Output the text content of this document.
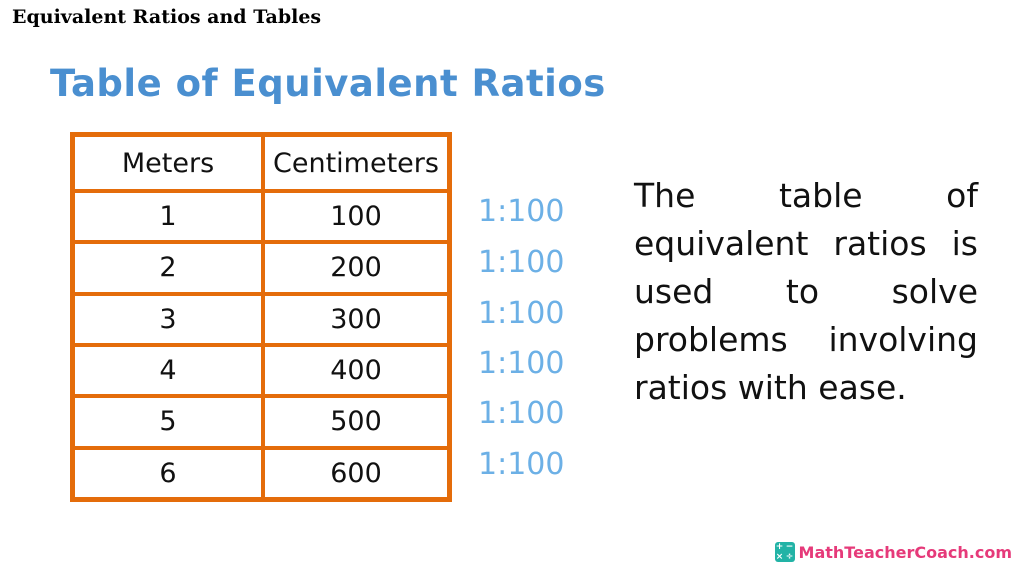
Equivalent Ratios and Tables
Table of Equivalent Ratios
Meters	Centimeters
1	100
2	200
3	300
4	400
5	500
6	600
1:100
1:100
1:100
1:100
1:100
1:100
The table of equivalent ratios is used to solve problems involving ratios with ease.
+ −
× ÷ MathTeacherCoach.com
